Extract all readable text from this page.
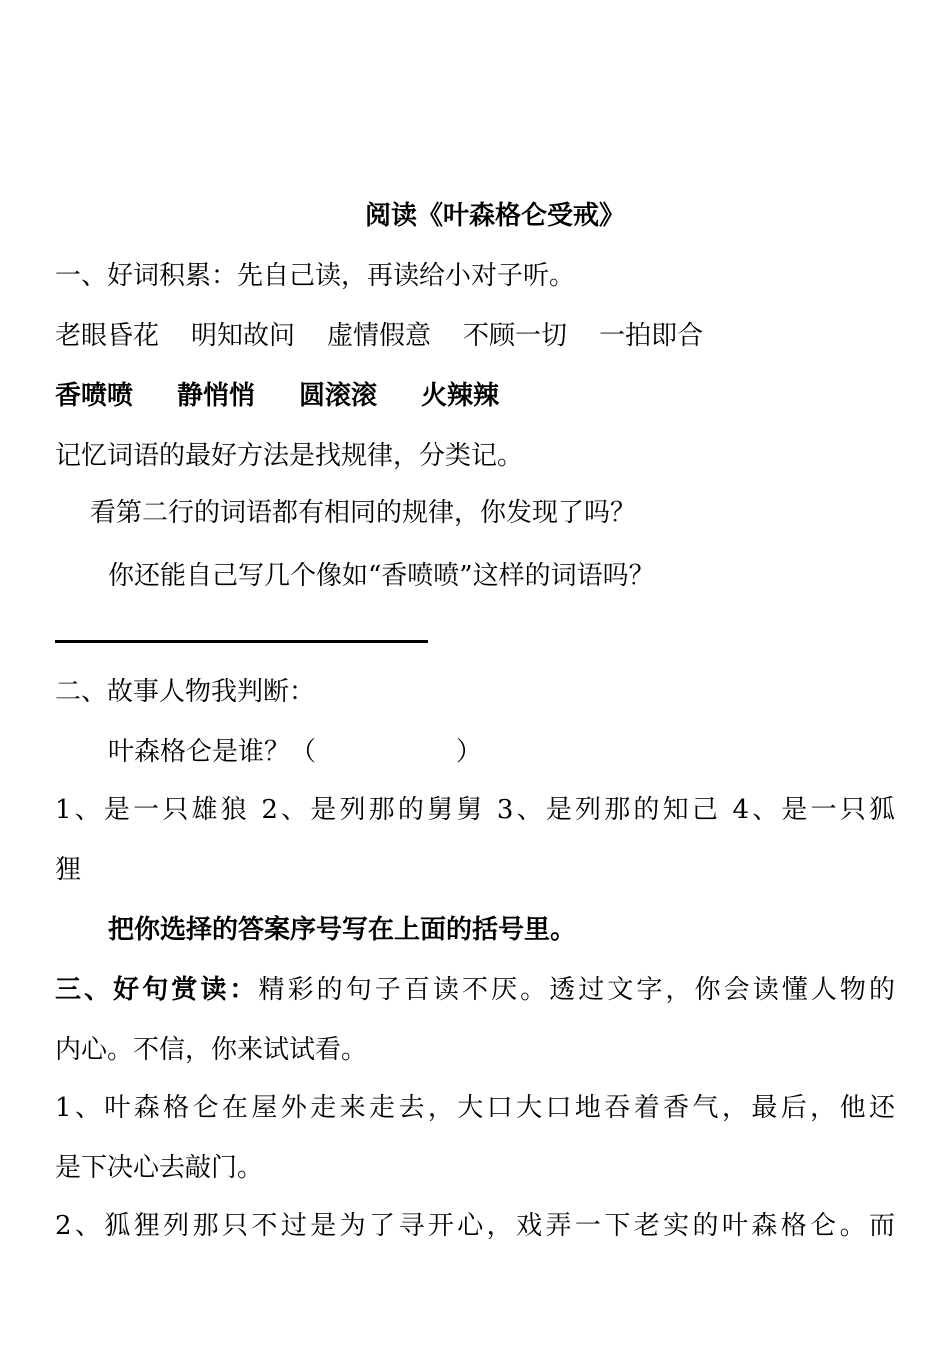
阅读《叶森格仑受戒》
一、好词积累：先自己读，再读给小对子听。
老眼昏花 明知故问 虚情假意 不顾一切 一拍即合
香喷喷 静悄悄 圆滚滚 火辣辣
记忆词语的最好方法是找规律，分类记。
看第二行的词语都有相同的规律，你发现了吗？
你还能自己写几个像如“香喷喷”这样的词语吗？
二、故事人物我判断：
叶森格仑是谁？（	）
1、是一只雄狼 2、是列那的舅舅 3、是列那的知己 4、是一只狐
狸
把你选择的答案序号写在上面的括号里。
三、好句赏读：精彩的句子百读不厌。透过文字，你会读懂人物的
内心。不信，你来试试看。
1、叶森格仑在屋外走来走去，大口大口地吞着香气，最后，他还
是下决心去敲门。
2、狐狸列那只不过是为了寻开心，戏弄一下老实的叶森格仑。而
